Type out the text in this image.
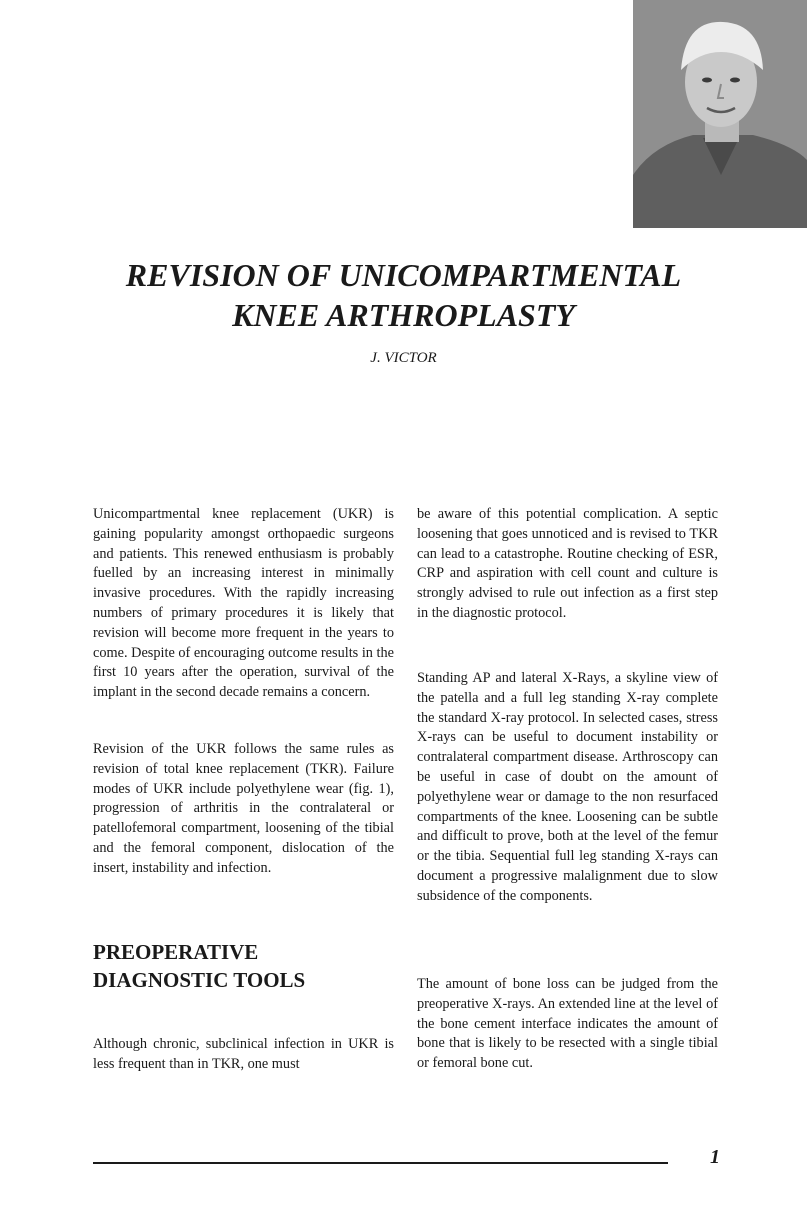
REVISION OF UNICOMPARTMENTAL
KNEE ARTHROPLASTY
J. VICTOR

Unicompartmental knee replacement (UKR) is gaining popularity amongst orthopaedic surgeons and patients. This renewed enthusiasm is probably fuelled by an increasing interest in minimally invasive procedures. With the rapidly increasing numbers of primary procedures it is likely that revision will become more frequent in the years to come. Despite of encouraging outcome results in the first 10 years after the operation, survival of the implant in the second decade remains a concern.

Revision of the UKR follows the same rules as revision of total knee replacement (TKR). Failure modes of UKR include polyethylene wear (fig. 1), progression of arthritis in the contralateral or patellofemoral compartment, loosening of the tibial and the femoral component, dislocation of the insert, instability and infection.

PREOPERATIVE
DIAGNOSTIC TOOLS

Although chronic, subclinical infection in UKR is less frequent than in TKR, one must

be aware of this potential complication. A septic loosening that goes unnoticed and is revised to TKR can lead to a catastrophe. Routine checking of ESR, CRP and aspiration with cell count and culture is strongly advised to rule out infection as a first step in the diagnostic protocol.

Standing AP and lateral X-Rays, a skyline view of the patella and a full leg standing X-ray complete the standard X-ray protocol. In selected cases, stress X-rays can be useful to document instability or contralateral compartment disease. Arthroscopy can be useful in case of doubt on the amount of polyethylene wear or damage to the non resurfaced compartments of the knee. Loosening can be subtle and difficult to prove, both at the level of the femur or the tibia. Sequential full leg standing X-rays can document a progressive malalignment due to slow subsidence of the components.

The amount of bone loss can be judged from the preoperative X-rays. An extended line at the level of the bone cement interface indicates the amount of bone that is likely to be resected with a single tibial or femoral bone cut.

1
